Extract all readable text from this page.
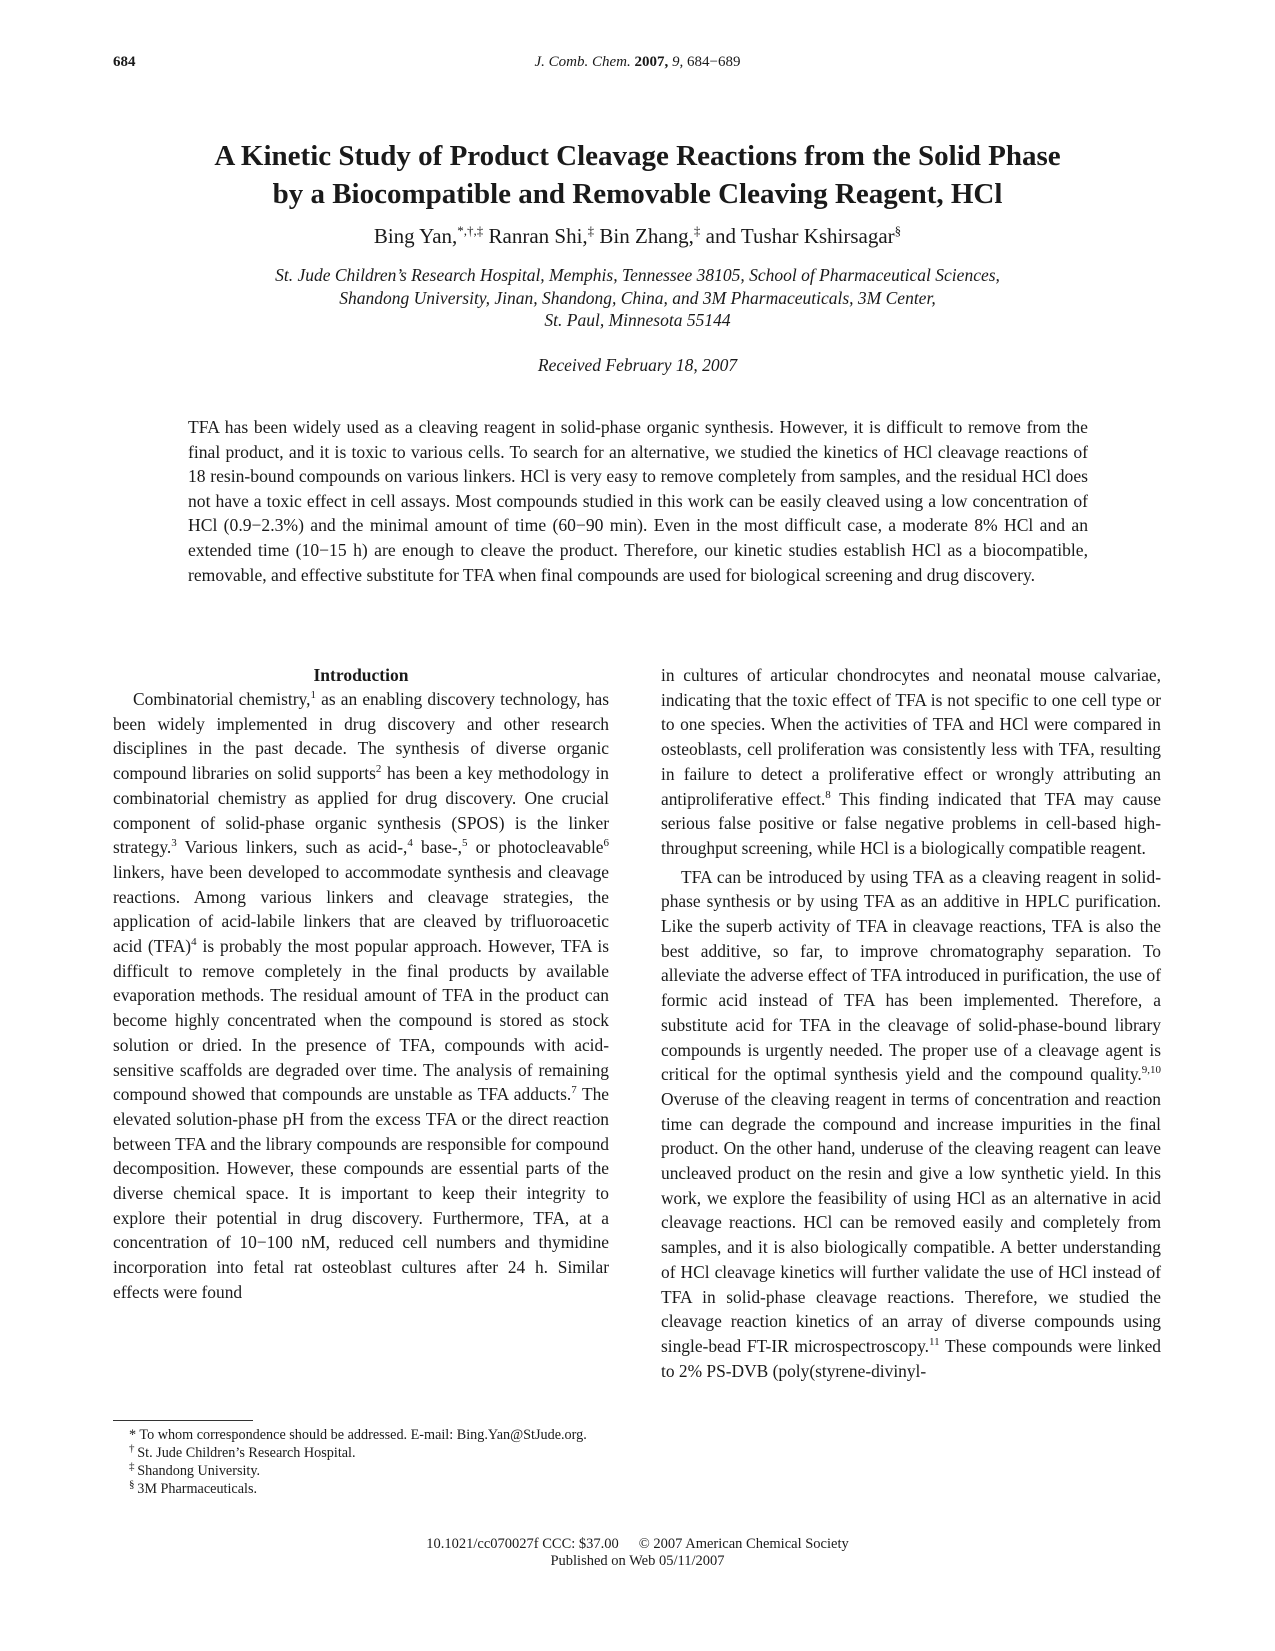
684	J. Comb. Chem. 2007, 9, 684−689
A Kinetic Study of Product Cleavage Reactions from the Solid Phase
by a Biocompatible and Removable Cleaving Reagent, HCl
Bing Yan,*,†,‡ Ranran Shi,‡ Bin Zhang,‡ and Tushar Kshirsagar§
St. Jude Children’s Research Hospital, Memphis, Tennessee 38105, School of Pharmaceutical Sciences,
Shandong University, Jinan, Shandong, China, and 3M Pharmaceuticals, 3M Center,
St. Paul, Minnesota 55144
Received February 18, 2007
TFA has been widely used as a cleaving reagent in solid-phase organic synthesis. However, it is difficult to remove from the final product, and it is toxic to various cells. To search for an alternative, we studied the kinetics of HCl cleavage reactions of 18 resin-bound compounds on various linkers. HCl is very easy to remove completely from samples, and the residual HCl does not have a toxic effect in cell assays. Most compounds studied in this work can be easily cleaved using a low concentration of HCl (0.9−2.3%) and the minimal amount of time (60−90 min). Even in the most difficult case, a moderate 8% HCl and an extended time (10−15 h) are enough to cleave the product. Therefore, our kinetic studies establish HCl as a biocompatible, removable, and effective substitute for TFA when final compounds are used for biological screening and drug discovery.

Introduction

Combinatorial chemistry,$^1$ as an enabling discovery technology, has been widely implemented in drug discovery and other research disciplines in the past decade. The synthesis of diverse organic compound libraries on solid supports$^2$ has been a key methodology in combinatorial chemistry as applied for drug discovery. One crucial component of solid-phase organic synthesis (SPOS) is the linker strategy.$^3$ Various linkers, such as acid-,$^4$ base-,$^5$ or photocleavable$^6$ linkers, have been developed to accommodate synthesis and cleavage reactions. Among various linkers and cleavage strategies, the application of acid-labile linkers that are cleaved by trifluoroacetic acid (TFA)$^4$ is probably the most popular approach. However, TFA is difficult to remove completely in the final products by available evaporation methods. The residual amount of TFA in the product can become highly concentrated when the compound is stored as stock solution or dried. In the presence of TFA, compounds with acid-sensitive scaffolds are degraded over time. The analysis of remaining compound showed that compounds are unstable as TFA adducts.$^7$ The elevated solution-phase pH from the excess TFA or the direct reaction between TFA and the library compounds are responsible for compound decomposition. However, these compounds are essential parts of the diverse chemical space. It is important to keep their integrity to explore their potential in drug discovery. Furthermore, TFA, at a concentration of 10−100 nM, reduced cell numbers and thymidine incorporation into fetal rat osteoblast cultures after 24 h. Similar effects were found

* To whom correspondence should be addressed. E-mail: Bing.Yan@StJude.org.

† St. Jude Children’s Research Hospital.

‡ Shandong University.

§ 3M Pharmaceuticals.

in cultures of articular chondrocytes and neonatal mouse calvariae, indicating that the toxic effect of TFA is not specific to one cell type or to one species. When the activities of TFA and HCl were compared in osteoblasts, cell proliferation was consistently less with TFA, resulting in failure to detect a proliferative effect or wrongly attributing an antiproliferative effect.$^8$ This finding indicated that TFA may cause serious false positive or false negative problems in cell-based high-throughput screening, while HCl is a biologically compatible reagent.

TFA can be introduced by using TFA as a cleaving reagent in solid-phase synthesis or by using TFA as an additive in HPLC purification. Like the superb activity of TFA in cleavage reactions, TFA is also the best additive, so far, to improve chromatography separation. To alleviate the adverse effect of TFA introduced in purification, the use of formic acid instead of TFA has been implemented. Therefore, a substitute acid for TFA in the cleavage of solid-phase-bound library compounds is urgently needed. The proper use of a cleavage agent is critical for the optimal synthesis yield and the compound quality.$^{9,10}$ Overuse of the cleaving reagent in terms of concentration and reaction time can degrade the compound and increase impurities in the final product. On the other hand, underuse of the cleaving reagent can leave uncleaved product on the resin and give a low synthetic yield. In this work, we explore the feasibility of using HCl as an alternative in acid cleavage reactions. HCl can be removed easily and completely from samples, and it is also biologically compatible. A better understanding of HCl cleavage kinetics will further validate the use of HCl instead of TFA in solid-phase cleavage reactions. Therefore, we studied the cleavage reaction kinetics of an array of diverse compounds using single-bead FT-IR microspectroscopy.$^{11}$ These compounds were linked to 2% PS-DVB (poly(styrene-divinyl-

10.1021/cc070027f CCC: $37.00 © 2007 American Chemical Society
Published on Web 05/11/2007
